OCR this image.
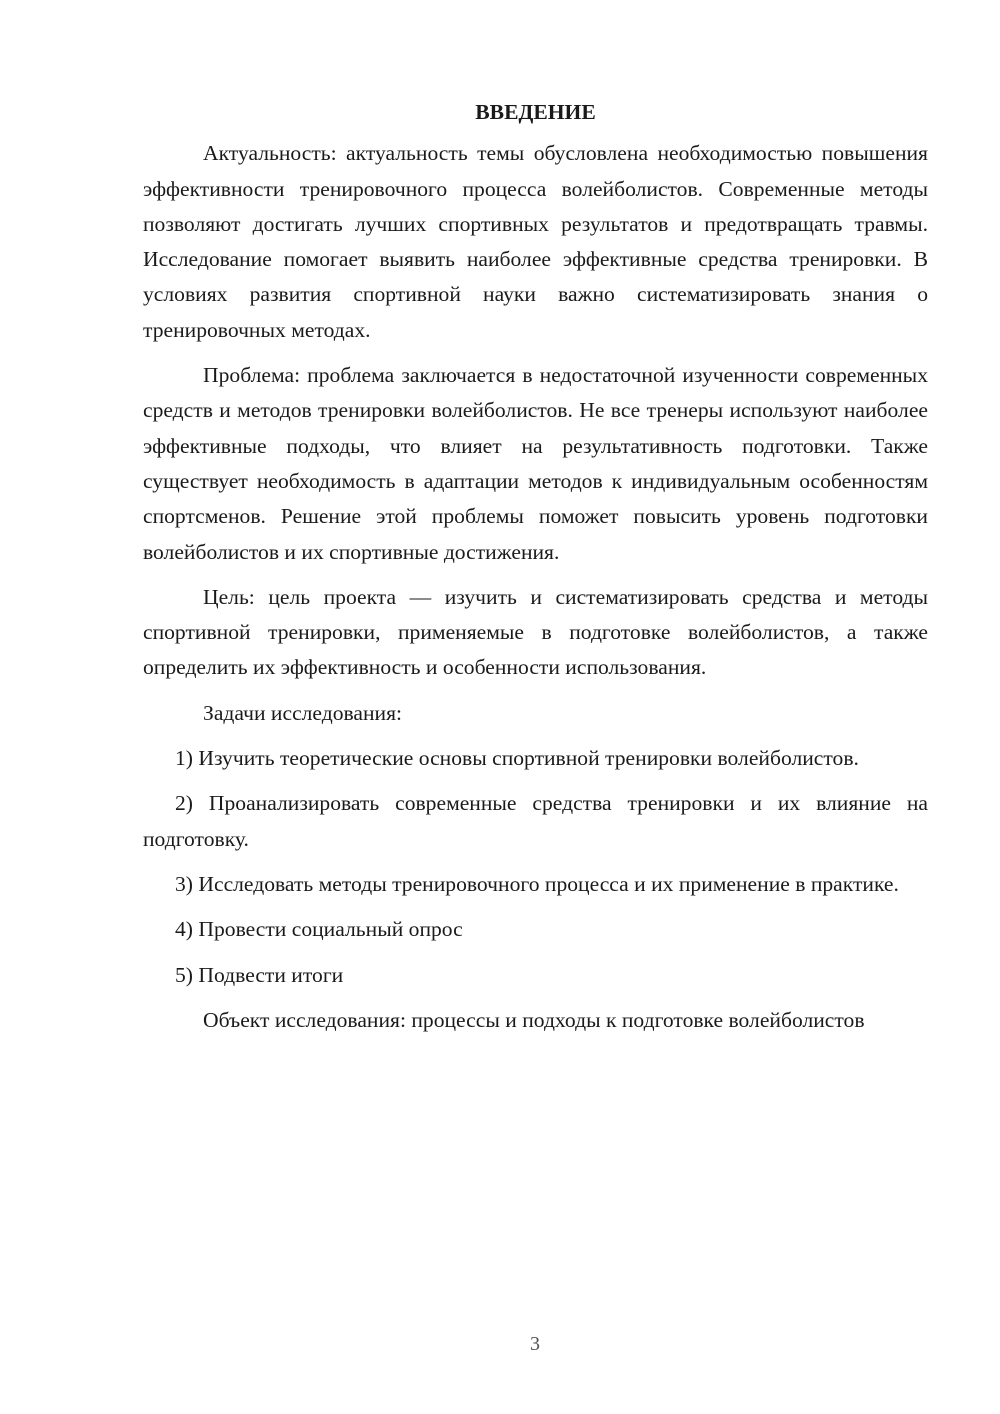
ВВЕДЕНИЕ

Актуальность: актуальность темы обусловлена необходимостью повышения эффективности тренировочного процесса волейболистов. Современные методы позволяют достигать лучших спортивных результатов и предотвращать травмы. Исследование помогает выявить наиболее эффективные средства тренировки. В условиях развития спортивной науки важно систематизировать знания о тренировочных методах.

Проблема: проблема заключается в недостаточной изученности современных средств и методов тренировки волейболистов. Не все тренеры используют наиболее эффективные подходы, что влияет на результативность подготовки. Также существует необходимость в адаптации методов к индивидуальным особенностям спортсменов. Решение этой проблемы поможет повысить уровень подготовки волейболистов и их спортивные достижения.

Цель: цель проекта — изучить и систематизировать средства и методы спортивной тренировки, применяемые в подготовке волейболистов, а также определить их эффективность и особенности использования.

Задачи исследования:

1) Изучить теоретические основы спортивной тренировки волейболистов.

2) Проанализировать современные средства тренировки и их влияние на подготовку.

3) Исследовать методы тренировочного процесса и их применение в практике.

4) Провести социальный опрос

5) Подвести итоги

Объект исследования: процессы и подходы к подготовке волейболистов

3
